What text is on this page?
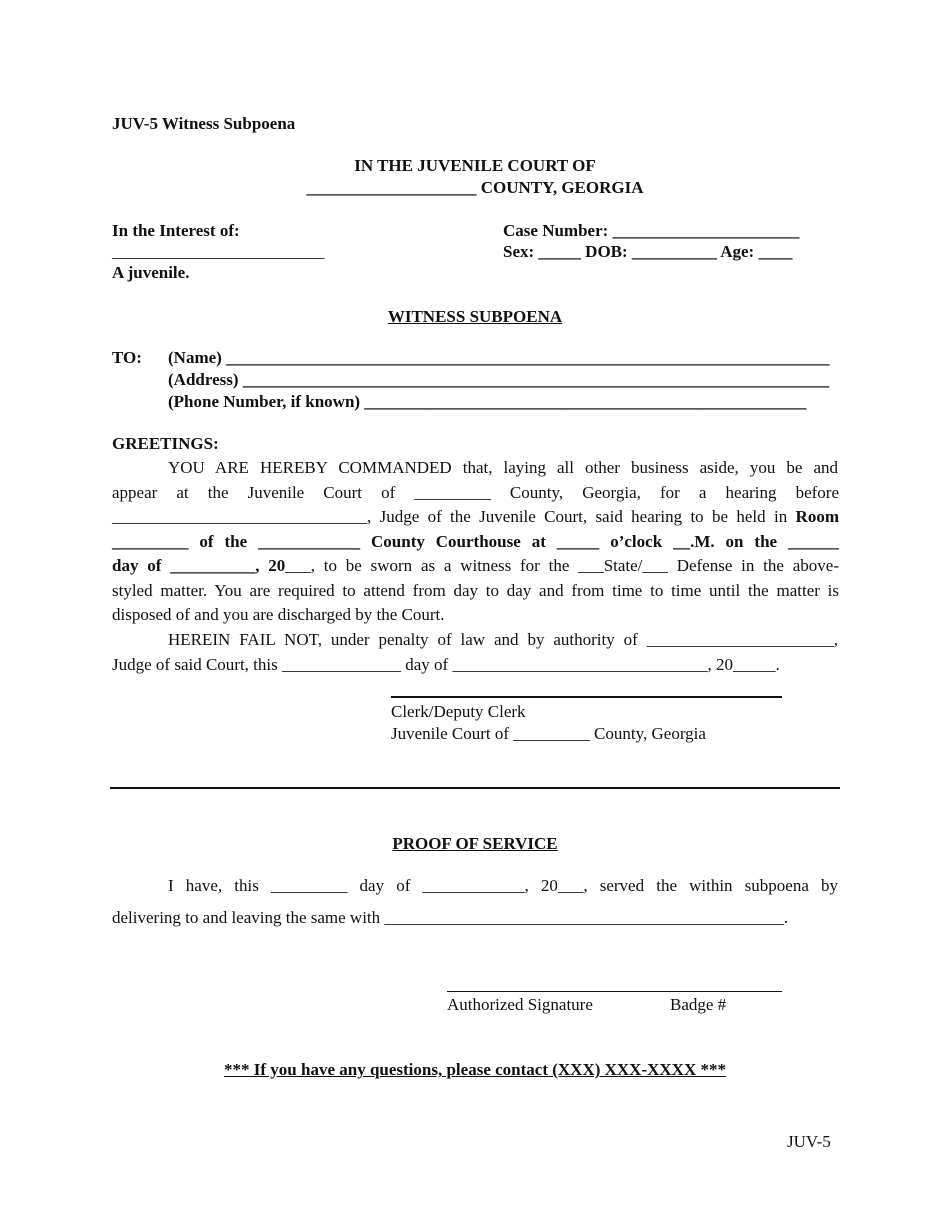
JUV-5 Witness Subpoena
IN THE JUVENILE COURT OF
____________________ COUNTY, GEORGIA
In the Interest of:
_________________________
A juvenile.
Case Number: ______________________
Sex: _____ DOB: __________ Age: ____
WITNESS SUBPOENA
TO: (Name) _______________________________________________________________________
(Address) _____________________________________________________________________
(Phone Number, if known) ____________________________________________________
GREETINGS:
YOU ARE HEREBY COMMANDED that, laying all other business aside, you be and
appear at the Juvenile Court of _________ County, Georgia, for a hearing before
______________________________, Judge of the Juvenile Court, said hearing to be held in Room
_________ of the ____________ County Courthouse at _____ o’clock __.M. on the ______
day of __________, 20___, to be sworn as a witness for the ___State/___ Defense in the above-
styled matter. You are required to attend from day to day and from time to time until the matter is
disposed of and you are discharged by the Court.
HEREIN FAIL NOT, under penalty of law and by authority of ______________________,
Judge of said Court, this ______________ day of ______________________________, 20_____.
Clerk/Deputy Clerk
Juvenile Court of _________ County, Georgia
PROOF OF SERVICE
I have, this _________ day of ____________, 20___, served the within subpoena by
delivering to and leaving the same with _______________________________________________.
Authorized Signature	Badge #
*** If you have any questions, please contact (XXX) XXX-XXXX ***
JUV-5
